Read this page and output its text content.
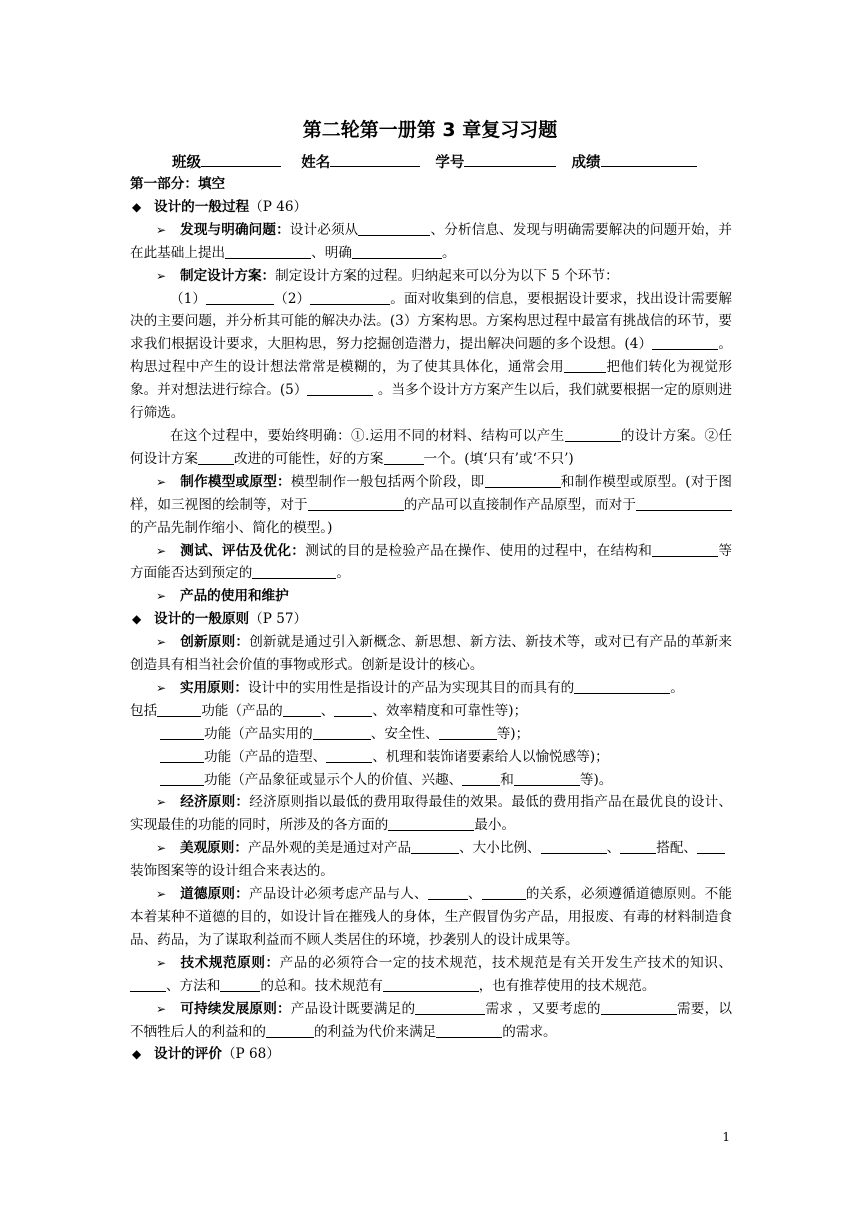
第二轮第一册第 3 章复习习题
班级	姓名	学号	成绩

第一部分：填空

◆ 设计的一般过程（P 46）

➢ 发现与明确问题：设计必须从	、分析信息、发现与明确需要解决的问题开始，并在此基础上提出	、明确	。

➢ 制定设计方案：制定设计方案的过程。归纳起来可以分为以下 5 个环节：

（1）	（2）	。面对收集到的信息，要根据设计要求，找出设计需要解决的主要问题，并分析其可能的解决办法。(3）方案构思。方案构思过程中最富有挑战信的环节，要求我们根据设计要求，大胆构思，努力挖掘创造潜力，提出解决问题的多个设想。(4）	。构思过程中产生的设计想法常常是模糊的，为了使其具体化，通常会用	把他们转化为视觉形象。并对想法进行综合。(5）	。当多个设计方方案产生以后，我们就要根据一定的原则进行筛选。

在这个过程中，要始终明确：①.运用不同的材料、结构可以产生	的设计方案。②任何设计方案	改进的可能性，好的方案	一个。(填‘只有’或‘不只’)

➢ 制作模型或原型：模型制作一般包括两个阶段，即	和制作模型或原型。(对于图样，如三视图的绘制等，对于	的产品可以直接制作产品原型，而对于的产品先制作缩小、简化的模型。)

➢ 测试、评估及优化：测试的目的是检验产品在操作、使用的过程中，在结构和	等方面能否达到预定的	。

➢ 产品的使用和维护

◆ 设计的一般原则（P 57）

➢ 创新原则：创新就是通过引入新概念、新思想、新方法、新技术等，或对已有产品的革新来创造具有相当社会价值的事物或形式。创新是设计的核心。

➢ 实用原则：设计中的实用性是指设计的产品为实现其目的而具有的	。

包括	功能（产品的	、	、效率精度和可靠性等)；

功能（产品实用的	、安全性、	等)；

功能（产品的造型、	、机理和装饰诸要素给人以愉悦感等)；

功能（产品象征或显示个人的价值、兴趣、	和	等)。

➢ 经济原则：经济原则指以最低的费用取得最佳的效果。最低的费用指产品在最优良的设计、实现最佳的功能的同时，所涉及的各方面的	最小。

➢ 美观原则：产品外观的美是通过对产品	、大小比例、	、	搭配、

装饰图案等的设计组合来表达的。

➢ 道德原则：产品设计必须考虑产品与人、	、	的关系，必须遵循道德原则。不能本着某种不道德的目的，如设计旨在摧残人的身体，生产假冒伪劣产品，用报废、有毒的材料制造食品、药品，为了谋取利益而不顾人类居住的环境，抄袭别人的设计成果等。

➢ 技术规范原则：产品的必须符合一定的技术规范，技术规范是有关开发生产技术的知识、、方法和	的总和。技术规范有	，也有推荐使用的技术规范。

➢ 可持续发展原则：产品设计既要满足的	需求 ，又要考虑的	需要，以不牺牲后人的利益和的	的利益为代价来满足	的需求。

◆ 设计的评价（P 68）

1
